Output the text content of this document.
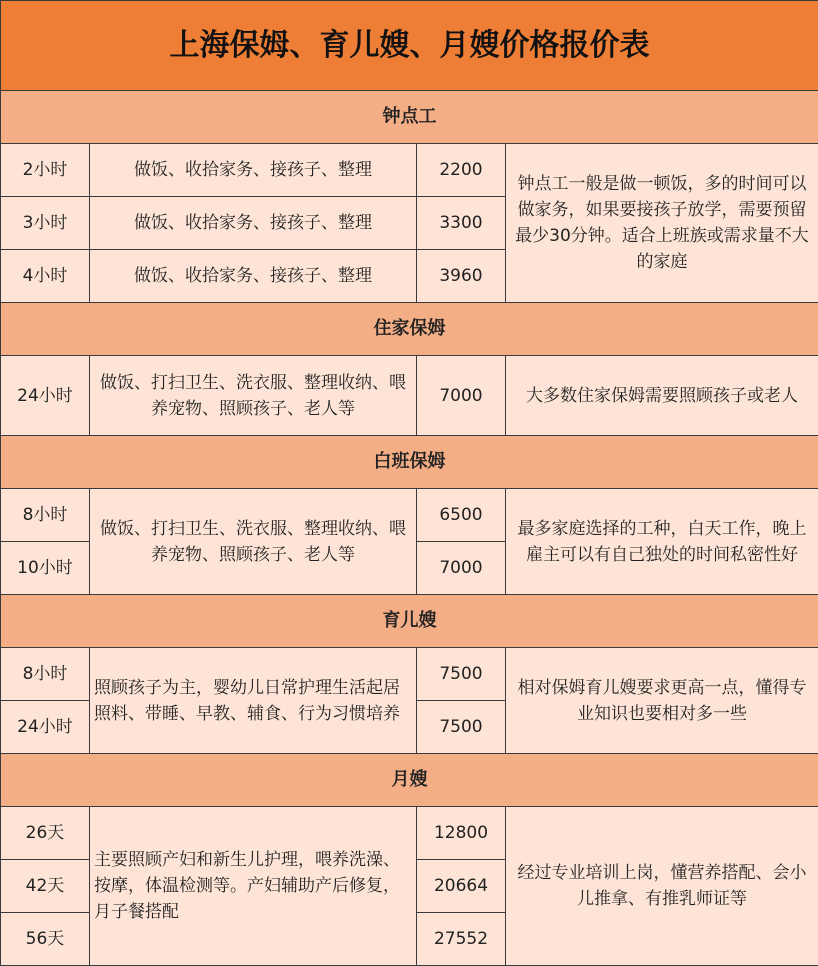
上海保姆、育儿嫂、月嫂价格报价表			
钟点工			
2小时	做饭、收拾家务、接孩子、整理	2200	钟点工一般是做一顿饭，多的时间可以做家务，如果要接孩子放学，需要预留最少30分钟。适合上班族或需求量不大的家庭
3小时	做饭、收拾家务、接孩子、整理	3300	
4小时	做饭、收拾家务、接孩子、整理	3960	
住家保姆			
24小时	做饭、打扫卫生、洗衣服、整理收纳、喂养宠物、照顾孩子、老人等	7000	大多数住家保姆需要照顾孩子或老人
白班保姆			
8小时	做饭、打扫卫生、洗衣服、整理收纳、喂养宠物、照顾孩子、老人等	6500	最多家庭选择的工种，白天工作，晚上雇主可以有自己独处的时间私密性好
10小时		7000	
育儿嫂			
8小时	照顾孩子为主，婴幼儿日常护理生活起居照料、带睡、早教、辅食、行为习惯培养	7500	相对保姆育儿嫂要求更高一点，懂得专业知识也要相对多一些
24小时		7500	
月嫂			
26天	主要照顾产妇和新生儿护理，喂养洗澡、按摩，体温检测等。产妇辅助产后修复，月子餐搭配	12800	经过专业培训上岗，懂营养搭配、会小儿推拿、有推乳师证等
42天		20664	
56天		27552	
